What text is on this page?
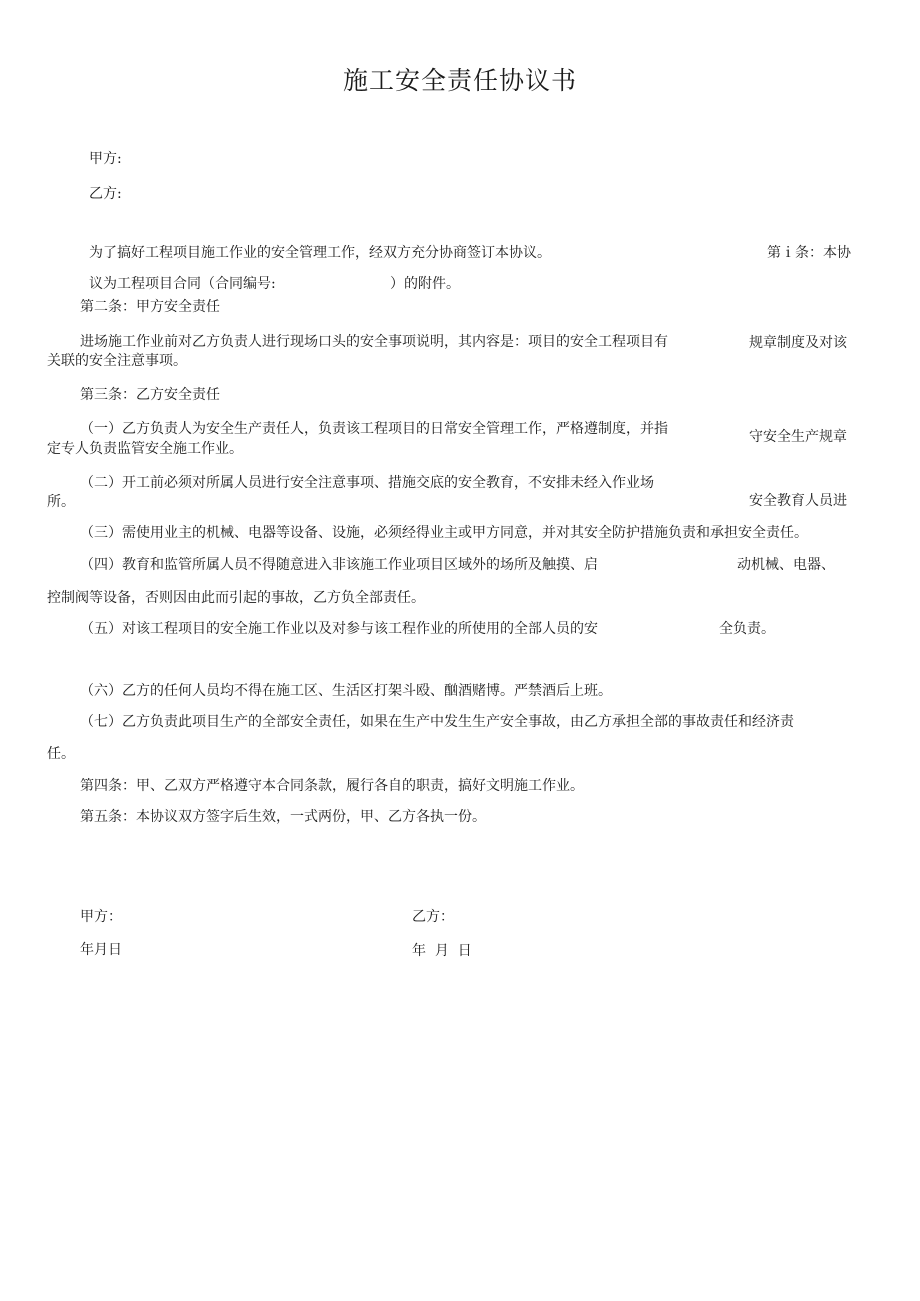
施工安全责任协议书
甲方:
乙方:
为了搞好工程项目施工作业的安全管理工作，经双方充分协商签订本协议。	第ｉ条：本协
议为工程项目合同（合同编号:	）的附件。
第二条：甲方安全责任
进场施工作业前对乙方负责人进行现场口头的安全事项说明，其内容是：项目的安全工程项目有
关联的安全注意事项。
规章制度及对该
第三条：乙方安全责任
（一）乙方负责人为安全生产责任人，负责该工程项目的日常安全管理工作，严格遵制度，并指
定专人负责监管安全施工作业。
守安全生产规章
（二）开工前必须对所属人员进行安全注意事项、措施交底的安全教育，不安排未经入作业场
所。	安全教育人员进
（三）需使用业主的机械、电器等设备、设施，必须经得业主或甲方同意，并对其安全防护措施负责和承担安全责任。
（四）教育和监管所属人员不得随意进入非该施工作业项目区域外的场所及触摸、启	动机械、电器、
控制阀等设备，否则因由此而引起的事故，乙方负全部责任。
（五）对该工程项目的安全施工作业以及对参与该工程作业的所使用的全部人员的安	全负责。
（六）乙方的任何人员均不得在施工区、生活区打架斗殴、酗酒赌博。严禁酒后上班。
（七）乙方负责此项目生产的全部安全责任，如果在生产中发生生产安全事故，由乙方承担全部的事故责任和经济责
任。
第四条：甲、乙双方严格遵守本合同条款，履行各自的职责，搞好文明施工作业。
第五条：本协议双方签字后生效，一式两份，甲、乙方各执一份。
甲方：	乙方：
年月日	年  月  日
